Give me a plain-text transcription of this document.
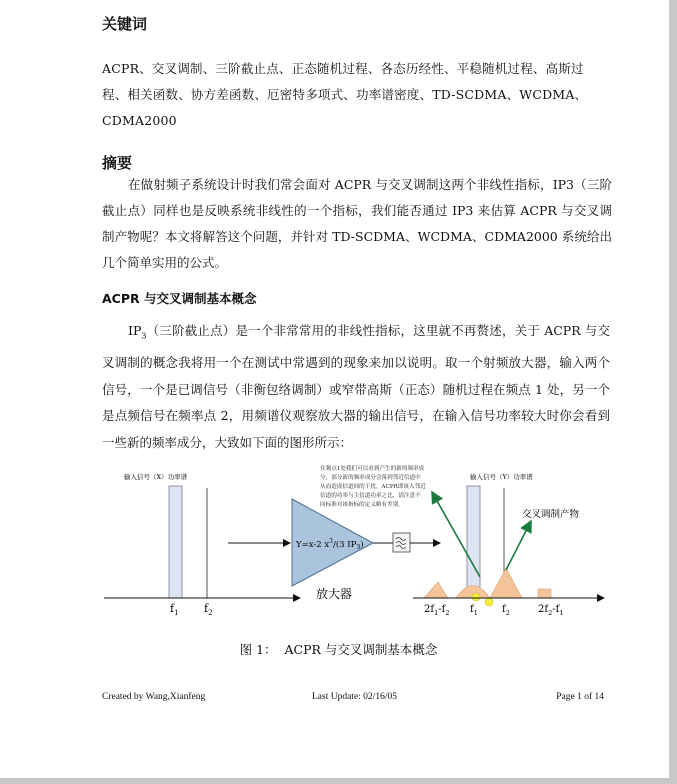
关键词
ACPR、交叉调制、三阶截止点、正态随机过程、各态历经性、平稳随机过程、高斯过程、相关函数、协方差函数、厄密特多项式、功率谱密度、TD-SCDMA、WCDMA、CDMA2000
摘要
在做射频子系统设计时我们常会面对 ACPR 与交叉调制这两个非线性指标，IP3（三阶截止点）同样也是反映系统非线性的一个指标，我们能否通过 IP3 来估算 ACPR 与交叉调制产物呢？本文将解答这个问题，并针对 TD-SCDMA、WCDMA、CDMA2000 系统给出几个简单实用的公式。
ACPR 与交叉调制基本概念
$IP_3$（三阶截止点）是一个非常常用的非线性指标，这里就不再赘述，关于 ACPR 与交叉调制的概念我将用一个在测试中常遇到的现象来加以说明。取一个射频放大器，输入两个信号，一个是已调信号（非衡包络调制）或窄带高斯（正态）随机过程在频点 1 处，另一个是点频信号在频率点 2，用频谱仪观察放大器的输出信号，在输入信号功率较大时你会看到一些新的频率成分，大致如下面的图形所示：
输入信号（X）功率谱
$f_1$ $f_2$
Y=x-2 $x^3/(3$ $IP_3$)
放大器
在频点1处我们可以看到产生的新的频率成
分，部分新的频率成分会落到邻近信道中
从而造成信道间的干扰，ACPR即该入邻近
信道的功率与主信道功率之比，请注意不
同标准对该指标的定义略有差别。
输入信号（Y）功率谱
交叉调制产物
$2f_1-f_2$ $f_1$ $f_2$	$2f_2-f_1$
图 1： ACPR 与交叉调制基本概念
Created by Wang,Xianfeng	Last Update: 02/16/05	Page 1 of 14
